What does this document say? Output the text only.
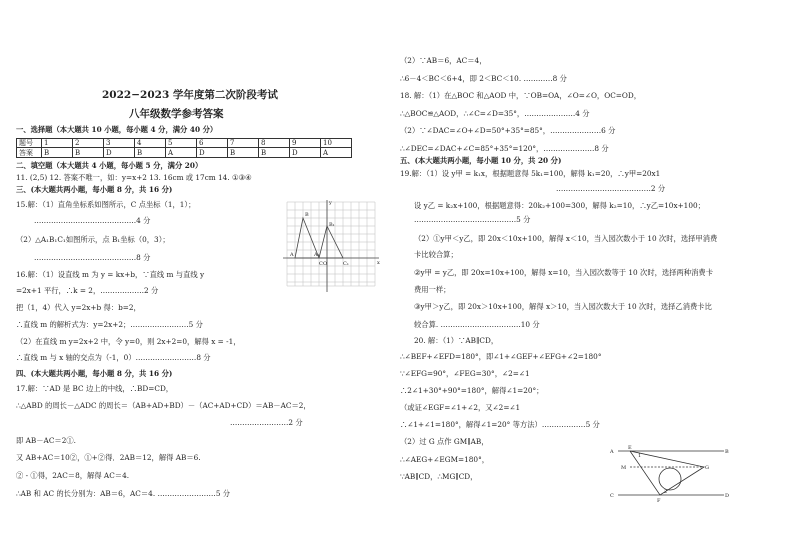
2022−2023 学年度第二次阶段考试
八年级数学参考答案
一、选择题（本大题共 10 小题，每小题 4 分，满分 40 分）
题号	1	2	3	4	5	6	7	8	9	10
答案	B	B	D	B	A	D	B	B	D	A
二、填空题（本大题共 4 小题，每小题 5 分，满分 20）
11. (2,5) 12. 答案不唯一，如：y=x+2 13. 16cm 或 17cm 14. ①③④
三、(本大题共两小题，每小题 8 分，共 16 分)
15.解：（1）直角坐标系如图所示，C 点坐标（1，1）；
……………………………………4 分
（2）△A₁B₁C₁如图所示，点 B₁坐标（0，3）；
……………………………………8 分
16.解：（1）设直线 m 为 y = kx+b，∵直线 m 与直线 y
=2x+1 平行，∴k = 2，………………2 分
把（1，4）代入 y=2x+b 得：b=2，
∴直线 m 的解析式为：y=2x+2；……………………5 分
（2）在直线 m y=2x+2 中，令 y=0，则 2x+2=0，解得 x = -1，
∴直线 m 与 x 轴的交点为（-1，0）.……………………8 分
四、(本大题共两小题，每小题 8 分，共 16 分)
17.解：∵AD 是 BC 边上的中线，∴BD=CD，
∴△ABD 的周长－△ADC 的周长＝（AB+AD+BD）－（AC+AD+CD）＝AB－AC＝2，
……………………2 分
即 AB－AC＝2①.
又 AB+AC＝10②，①+②得．2AB＝12，解得 AB＝6.
② - ①得，2AC＝8，解得 AC＝4.
∴AB 和 AC 的长分别为：AB＝6，AC＝4. ……………………5 分
B
B₁
A	A₁
C	C₁
O	x
y
（2）∵AB＝6，AC＝4，
∴6－4＜BC＜6+4，即 2＜BC＜10. …………8 分
18. 解：（1）在△BOC 和△AOD 中，∵OB=OA，∠O=∠O，OC=OD，
∴△BOC≌△AOD，∴∠C=∠D=35°，…………………4 分
（2）∵∠DAC=∠O+∠D=50°+35°=85°，…………………6 分
∴∠DEC=∠DAC+∠C=85°+35°=120°，…………………8 分
五、(本大题共两小题，每小题 10 分，共 20 分)
19.解：（1）设 y甲 = k₁x，根据题意得 5k₁=100，解得 k₁=20，∴y甲=20x1
…………………………………2 分
设 y乙 = k₂x+100，根据题意得：20k₂+100=300，解得 k₂=10，∴y乙=10x+100；
……………………………………5 分
（2）①y甲＜y乙，即 20x＜10x+100，解得 x＜10，当入园次数小于 10 次时，选择甲消费
卡比较合算；
②y甲 = y乙，即 20x=10x+100，解得 x=10，当入园次数等于 10 次时，选择两种消费卡
费用一样；
③y甲＞y乙，即 20x＞10x+100，解得 x＞10，当入园次数大于 10 次时，选择乙消费卡比
较合算. ……………………………10 分
20. 解：（1）∵AB∥CD，
∴∠BEF+∠EFD=180°，即∠1+∠GEF+∠EFG+∠2=180°
∵∠EFG=90°，∠FEG=30°，∠2=∠1
∴2∠1+30°+90°=180°，解得∠1=20°；
（或证∠EGF=∠1+∠2，又∠2=∠1
∴∠1+∠1=180°，解得∠1=20° 等方法）………………5 分
（2）过 G 点作 GM∥AB，
∴∠AEG+∠EGM=180°，
∵AB∥CD，∴MG∥CD，
A
E
B
M	G
C
F
D
1
2
